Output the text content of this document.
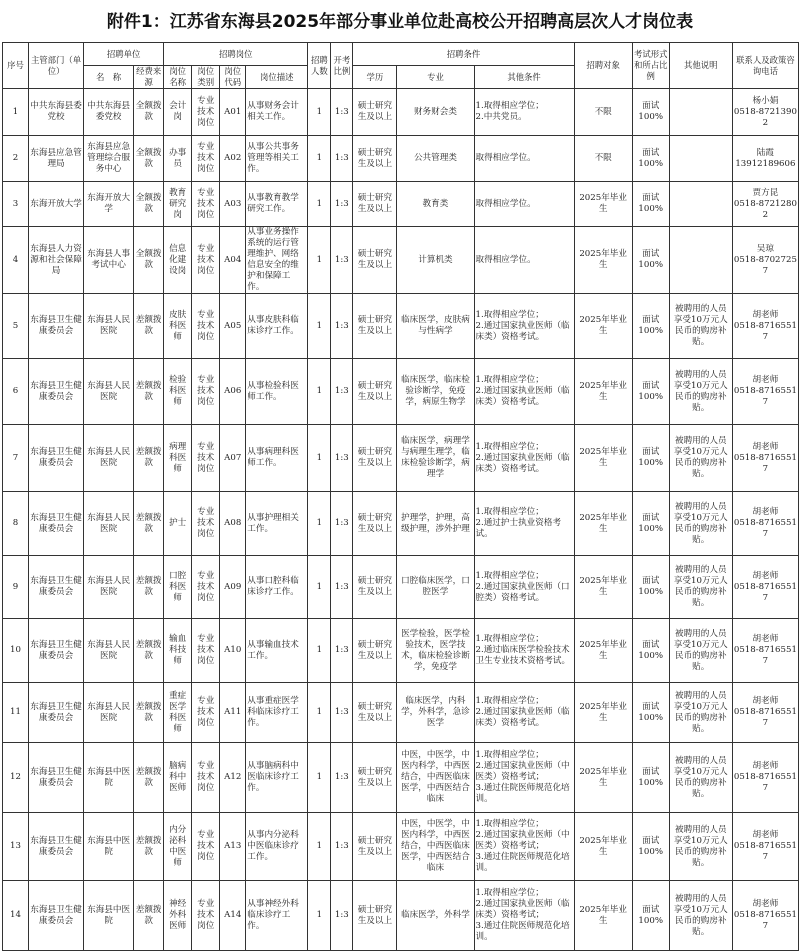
附件1：江苏省东海县2025年部分事业单位赴高校公开招聘高层次人才岗位表
序号	主管部门（单位）	招聘单位		招聘岗位				招聘人数	开考比例	招聘条件			招聘对象	考试形式和所占比例	其他说明	联系人及政策咨询电话
		名　称	经费来源	岗位名称	岗位类别	岗位代码	岗位描述			学历	专业	其他条件				
1	中共东海县委党校	中共东海县委党校	全额拨款	会计岗	专业技术岗位	A01	从事财务会计相关工作。	1	1:3	硕士研究生及以上	财务财会类	1.取得相应学位；
2.中共党员。	不限	面试
100%		杨小娟
0518-87213902
2	东海县应急管理局	东海县应急管理综合服务中心	全额拨款	办事员	专业技术岗位	A02	从事公共事务管理等相关工作。	1	1:3	硕士研究生及以上	公共管理类	取得相应学位。	不限	面试
100%		陆霞
13912189606
3	东海开放大学	东海开放大学	全额拨款	教育研究岗	专业技术岗位	A03	从事教育教学研究工作。	1	1:3	硕士研究生及以上	教育类	取得相应学位。	2025年毕业生	面试
100%		贾方昆
0518-87212802
4	东海县人力资源和社会保障局	东海县人事考试中心	全额拨款	信息化建设岗	专业技术岗位	A04	从事业务操作系统的运行管理维护、网络信息安全的维护和保障工作。	1	1:3	硕士研究生及以上	计算机类	取得相应学位。	2025年毕业生	面试
100%		吴琼
0518-87027257
5	东海县卫生健康委员会	东海县人民医院	差额拨款	皮肤科医师	专业技术岗位	A05	从事皮肤科临床诊疗工作。	1	1:3	硕士研究生及以上	临床医学，皮肤病与性病学	1.取得相应学位；
2.通过国家执业医师（临床类）资格考试。	2025年毕业生	面试
100%	被聘用的人员享受10万元人民币的购房补贴。	胡老师
0518-87165517
6	东海县卫生健康委员会	东海县人民医院	差额拨款	检验科医师	专业技术岗位	A06	从事检验科医师工作。	1	1:3	硕士研究生及以上	临床医学，临床检验诊断学，免疫学，病原生物学	1.取得相应学位；
2.通过国家执业医师（临床类）资格考试。	2025年毕业生	面试
100%	被聘用的人员享受10万元人民币的购房补贴。	胡老师
0518-87165517
7	东海县卫生健康委员会	东海县人民医院	差额拨款	病理科医师	专业技术岗位	A07	从事病理科医师工作。	1	1:3	硕士研究生及以上	临床医学，病理学与病理生理学，临床检验诊断学，病理学	1.取得相应学位；
2.通过国家执业医师（临床类）资格考试。	2025年毕业生	面试
100%	被聘用的人员享受10万元人民币的购房补贴。	胡老师
0518-87165517
8	东海县卫生健康委员会	东海县人民医院	差额拨款	护士	专业技术岗位	A08	从事护理相关工作。	1	1:3	硕士研究生及以上	护理学，护理，高级护理，涉外护理	1.取得相应学位；
2.通过护士执业资格考试。	2025年毕业生	面试
100%	被聘用的人员享受10万元人民币的购房补贴。	胡老师
0518-87165517
9	东海县卫生健康委员会	东海县人民医院	差额拨款	口腔科医师	专业技术岗位	A09	从事口腔科临床诊疗工作。	1	1:3	硕士研究生及以上	口腔临床医学，口腔医学	1.取得相应学位；
2.通过国家执业医师（口腔类）资格考试。	2025年毕业生	面试
100%	被聘用的人员享受10万元人民币的购房补贴。	胡老师
0518-87165517
10	东海县卫生健康委员会	东海县人民医院	差额拨款	输血科技师	专业技术岗位	A10	从事输血技术工作。	1	1:3	硕士研究生及以上	医学检验，医学检验技术，医学技术，临床检验诊断学，免疫学	1.取得相应学位；
2.通过临床医学检验技术卫生专业技术资格考试。	2025年毕业生	面试
100%	被聘用的人员享受10万元人民币的购房补贴。	胡老师
0518-87165517
11	东海县卫生健康委员会	东海县人民医院	差额拨款	重症医学科医师	专业技术岗位	A11	从事重症医学科临床诊疗工作。	1	1:3	硕士研究生及以上	临床医学，内科学，外科学，急诊医学	1.取得相应学位；
2.通过国家执业医师（临床类）资格考试。	2025年毕业生	面试
100%	被聘用的人员享受10万元人民币的购房补贴。	胡老师
0518-87165517
12	东海县卫生健康委员会	东海县中医院	差额拨款	脑病科中医师	专业技术岗位	A12	从事脑病科中医临床诊疗工作。	1	1:3	硕士研究生及以上	中医，中医学，中医内科学，中西医结合，中西医临床医学，中西医结合临床	1.取得相应学位；
2.通过国家执业医师（中医类）资格考试；
3.通过住院医师规范化培训。	2025年毕业生	面试
100%	被聘用的人员享受10万元人民币的购房补贴。	胡老师
0518-87165517
13	东海县卫生健康委员会	东海县中医院	差额拨款	内分泌科中医师	专业技术岗位	A13	从事内分泌科中医临床诊疗工作。	1	1:3	硕士研究生及以上	中医，中医学，中医内科学，中西医结合，中西医临床医学，中西医结合临床	1.取得相应学位；
2.通过国家执业医师（中医类）资格考试；
3.通过住院医师规范化培训。	2025年毕业生	面试
100%	被聘用的人员享受10万元人民币的购房补贴。	胡老师
0518-87165517
14	东海县卫生健康委员会	东海县中医院	差额拨款	神经外科医师	专业技术岗位	A14	从事神经外科临床诊疗工作。	1	1:3	硕士研究生及以上	临床医学，外科学	1.取得相应学位；
2.通过国家执业医师（临床类）资格考试；
3.通过住院医师规范化培训。	2025年毕业生	面试
100%	被聘用的人员享受10万元人民币的购房补贴。	胡老师
0518-87165517
